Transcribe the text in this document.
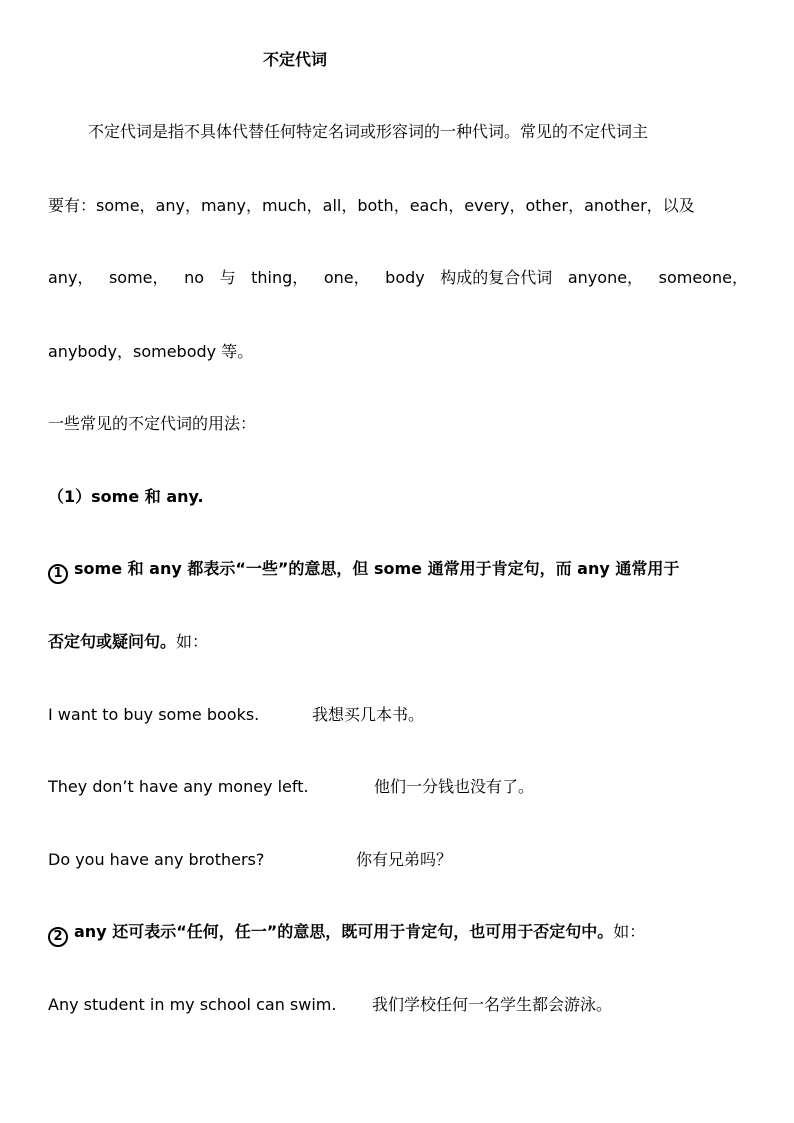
不定代词
不定代词是指不具体代替任何特定名词或形容词的一种代词。常见的不定代词主
要有：some，any，many，much，all，both，each，every，other，another，以及
any， some， no 与 thing， one， body 构成的复合代词 anyone， someone，
anybody，somebody 等。
一些常见的不定代词的用法：
（1）some 和 any.
1 some 和 any 都表示“一些”的意思，但 some 通常用于肯定句，而 any 通常用于
否定句或疑问句。如：
I want to buy some books.	我想买几本书。
They don’t have any money left.	他们一分钱也没有了。
Do you have any brothers?	你有兄弟吗？
2 any 还可表示“任何，任一”的意思，既可用于肯定句，也可用于否定句中。如：
Any student in my school can swim. 我们学校任何一名学生都会游泳。
